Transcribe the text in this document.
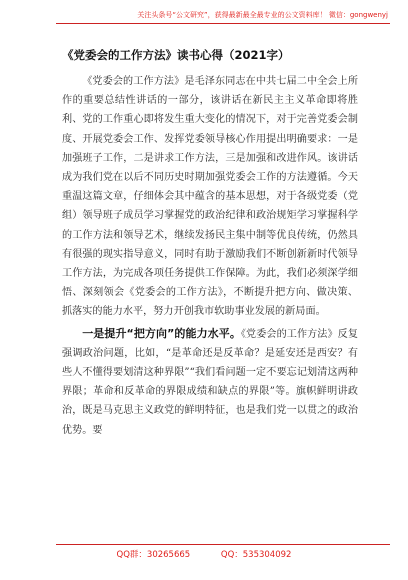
关注头条号“公文研究”，获得最新最全最专业的公文资料库！ 微信：gongwenyj
《党委会的工作方法》读书心得（2021字）

《党委会的工作方法》是毛泽东同志在中共七届二中全会上所作的重要总结性讲话的一部分，该讲话在新民主主义革命即将胜利、党的工作重心即将发生重大变化的情况下，对于完善党委会制度、开展党委会工作、发挥党委领导核心作用提出明确要求：一是加强班子工作，二是讲求工作方法，三是加强和改进作风。该讲话成为我们党在以后不同历史时期加强党委会工作的方法遵循。今天重温这篇文章，仔细体会其中蕴含的基本思想，对于各级党委（党组）领导班子成员学习掌握党的政治纪律和政治规矩学习掌握科学的工作方法和领导艺术，继续发扬民主集中制等优良传统，仍然具有很强的现实指导意义，同时有助于激励我们不断创新新时代领导工作方法，为完成各项任务提供工作保障。为此，我们必须深学细悟、深刻领会《党委会的工作方法》，不断提升把方向、做决策、抓落实的能力水平，努力开创我市软助事业发展的新局面。

一是提升“把方向”的能力水平。《党委会的工作方法》反复强调政治问题，比如，“是革命还是反革命？是延安还是西安？有些人不懂得要划清这种界限”“我们看问题一定不要忘记划清这两种界限；革命和反革命的界限成绩和缺点的界限”等。旗帜鲜明讲政治，既是马克思主义政党的鲜明特征，也是我们党一以贯之的政治优势。要

QQ群：30265665	QQ：535304092
